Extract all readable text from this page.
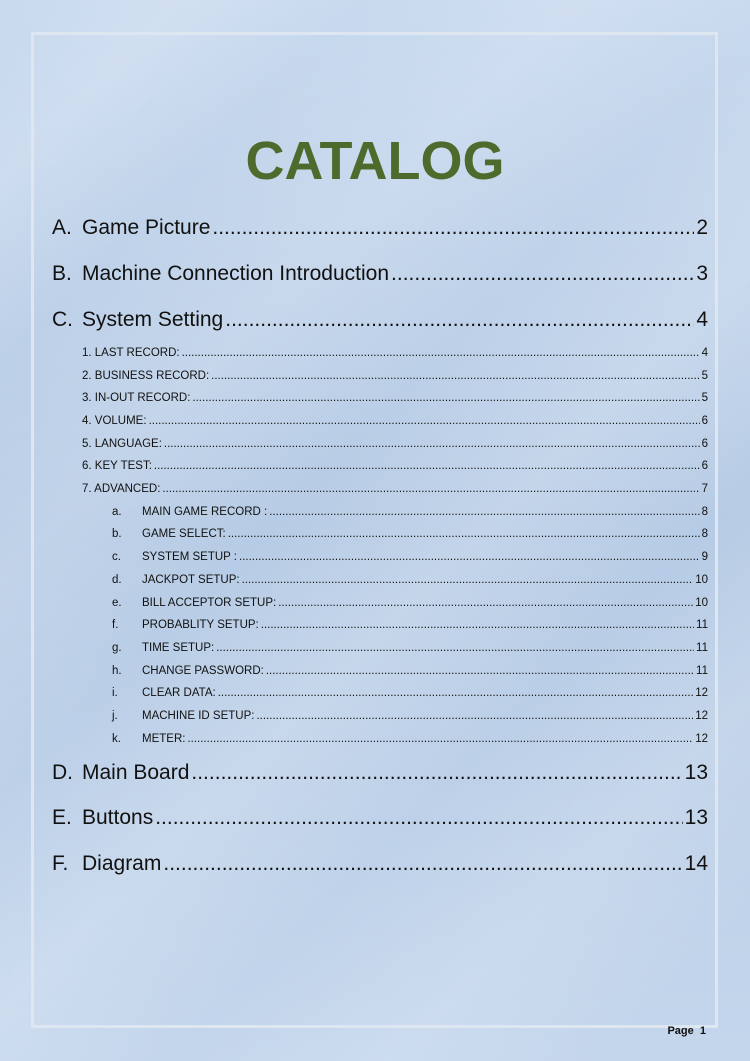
CATALOG
A. Game Picture .....	2
B. Machine Connection Introduction .....	3
C. System Setting .....	4
1. LAST RECORD: .....	4
2. BUSINESS RECORD: .....	5
3. IN-OUT RECORD: .....	5
4. VOLUME: .....	6
5. LANGUAGE: .....	6
6. KEY TEST: .....	6
7. ADVANCED: .....	7
a.	MAIN GAME RECORD : .....	8
b.	GAME SELECT: .....	8
c.	SYSTEM SETUP : .....	9
d.	JACKPOT SETUP: .....	10
e.	BILL ACCEPTOR SETUP: .....	10
f.	PROBABLITY SETUP: .....	11
g.	TIME SETUP: .....	11
h.	CHANGE PASSWORD: .....	11
i.	CLEAR DATA: .....	12
j.	MACHINE ID SETUP: .....	12
k.	METER: .....	12
D. Main Board .....	13
E. Buttons .....	13
F. Diagram .....	14
Page  1
